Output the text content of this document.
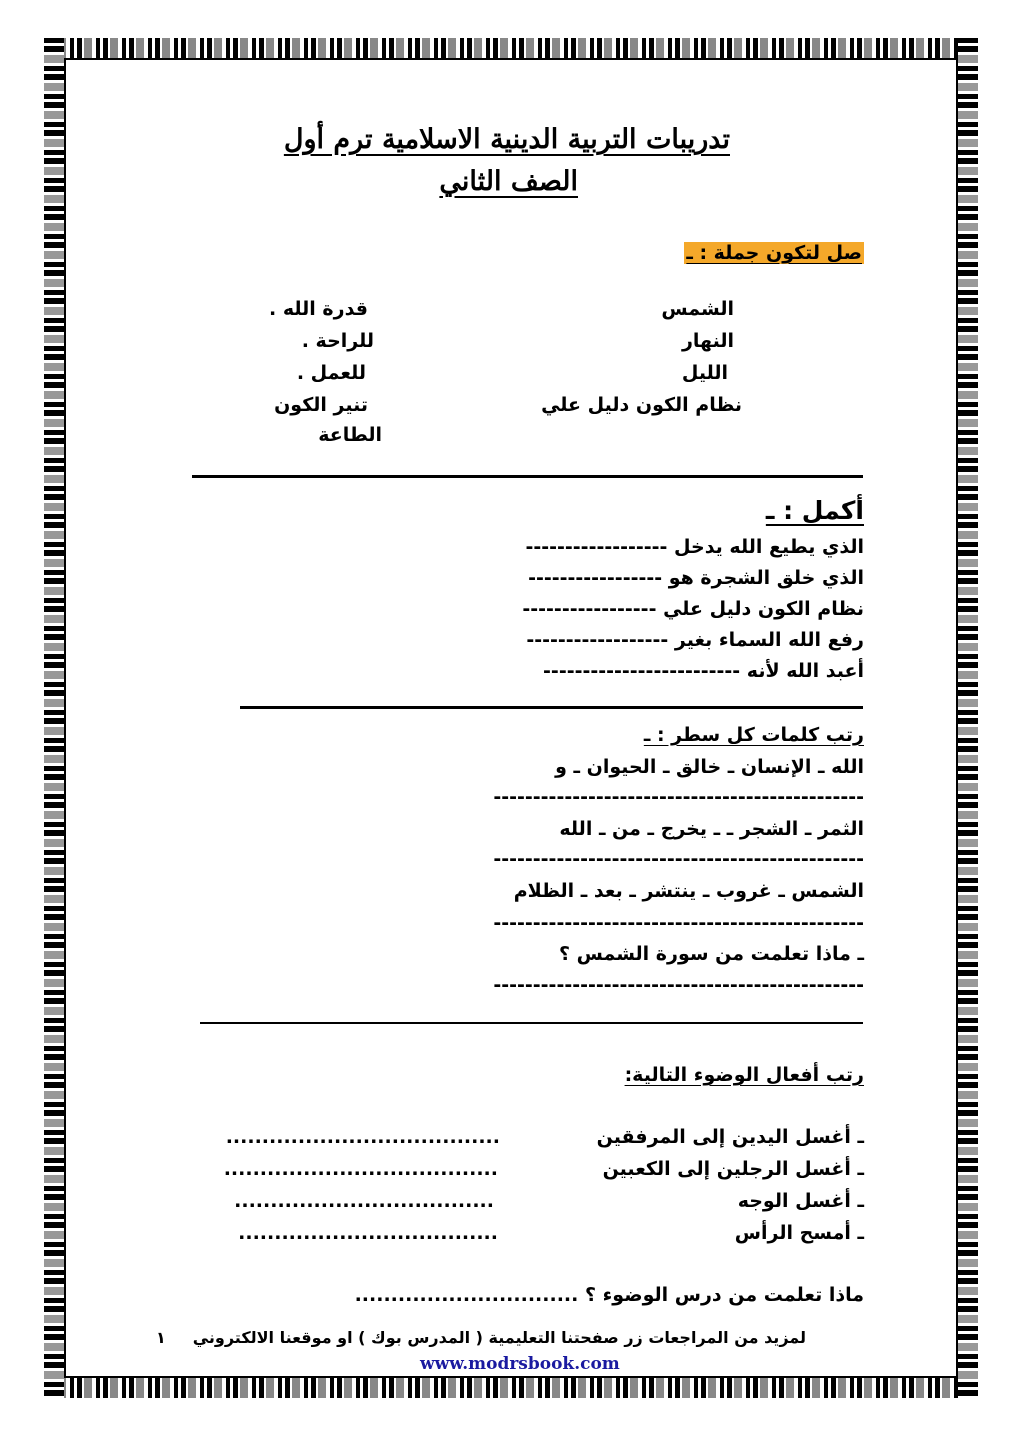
تدريبات التربية الدينية الاسلامية ترم أول
الصف الثاني
صل لتكون جملة : ـ
الشمس
النهار
الليل
نظام الكون دليل علي
قدرة الله .
للراحة .
للعمل .
تنير الكون
الطاعة
أكمل : ـ
الذي يطيع الله يدخل ------------------
الذي خلق الشجرة هو -----------------
نظام الكون دليل علي -----------------
رفع الله السماء بغير ------------------
أعبد الله لأنه -------------------------
رتب كلمات كل سطر : ـ
الله ـ الإنسان ـ خالق ـ الحيوان ـ و
-----------------------------------------------
الثمر ـ الشجر ـ ـ يخرج ـ من ـ الله
-----------------------------------------------
الشمس ـ غروب ـ ينتشر ـ بعد ـ الظلام
-----------------------------------------------
ـ ماذا تعلمت من سورة الشمس ؟
-----------------------------------------------
رتب أفعال الوضوء التالية:
ـ أغسل اليدين إلى المرفقين
ـ أغسل الرجلين إلى الكعبين
ـ أغسل الوجه
ـ أمسح الرأس
......................................
......................................
....................................
....................................
ماذا تعلمت من درس الوضوء ؟ ...............................
لمزيد من المراجعات زر صفحتنا التعليمية ( المدرس بوك ) او موقعنا الالكتروني
١
www.modrsbook.com
